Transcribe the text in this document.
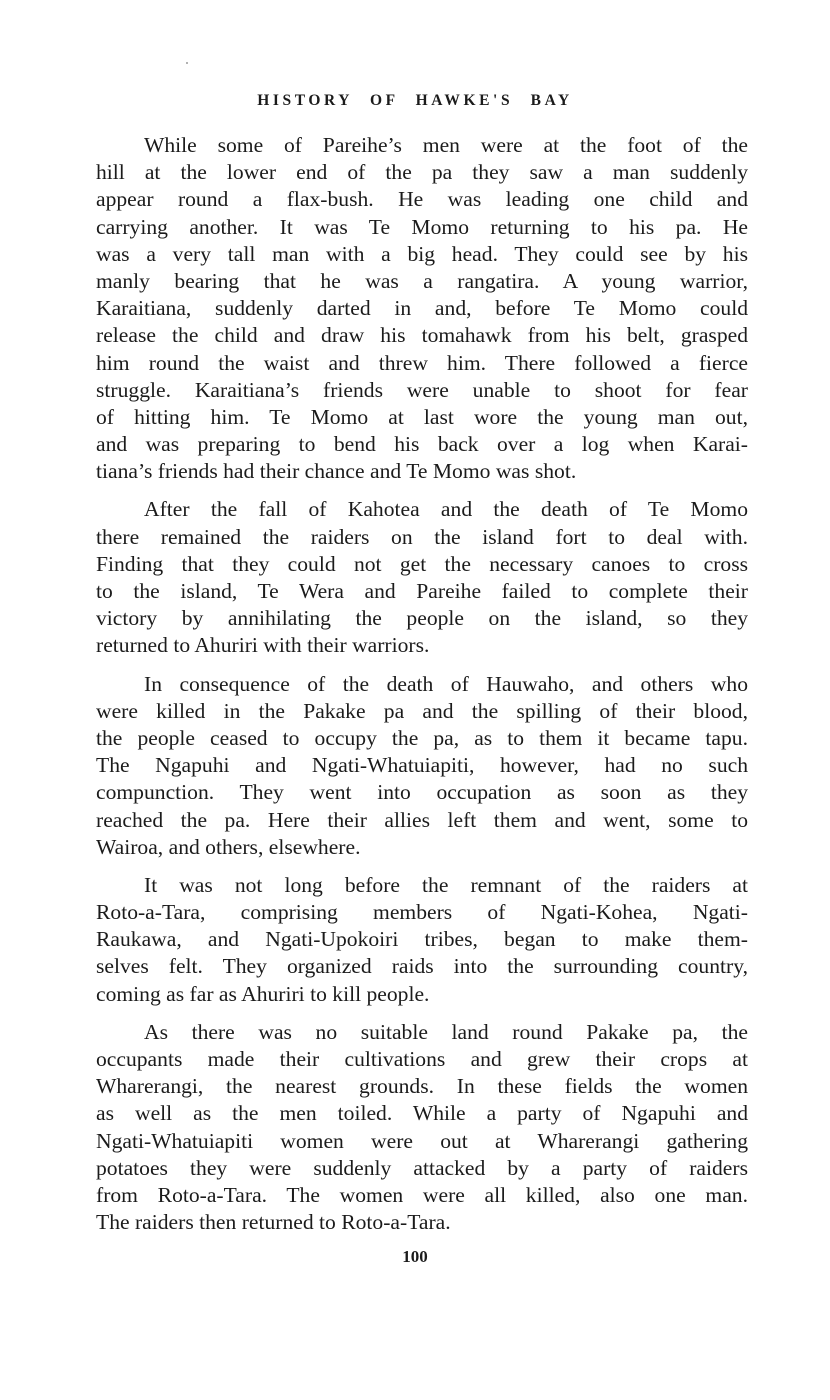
HISTORY OF HAWKE'S BAY
While some of Pareihe’s men were at the foot of the
hill at the lower end of the pa they saw a man suddenly
appear round a flax-bush. He was leading one child and
carrying another. It was Te Momo returning to his pa. He
was a very tall man with a big head. They could see by his
manly bearing that he was a rangatira. A young warrior,
Karaitiana, suddenly darted in and, before Te Momo could
release the child and draw his tomahawk from his belt, grasped
him round the waist and threw him. There followed a fierce
struggle. Karaitiana’s friends were unable to shoot for fear
of hitting him. Te Momo at last wore the young man out,
and was preparing to bend his back over a log when Karai-
tiana’s friends had their chance and Te Momo was shot.
After the fall of Kahotea and the death of Te Momo
there remained the raiders on the island fort to deal with.
Finding that they could not get the necessary canoes to cross
to the island, Te Wera and Pareihe failed to complete their
victory by annihilating the people on the island, so they
returned to Ahuriri with their warriors.
In consequence of the death of Hauwaho, and others who
were killed in the Pakake pa and the spilling of their blood,
the people ceased to occupy the pa, as to them it became tapu.
The Ngapuhi and Ngati-Whatuiapiti, however, had no such
compunction. They went into occupation as soon as they
reached the pa. Here their allies left them and went, some to
Wairoa, and others, elsewhere.
It was not long before the remnant of the raiders at
Roto-a-Tara, comprising members of Ngati-Kohea, Ngati-
Raukawa, and Ngati-Upokoiri tribes, began to make them-
selves felt. They organized raids into the surrounding country,
coming as far as Ahuriri to kill people.
As there was no suitable land round Pakake pa, the
occupants made their cultivations and grew their crops at
Wharerangi, the nearest grounds. In these fields the women
as well as the men toiled. While a party of Ngapuhi and
Ngati-Whatuiapiti women were out at Wharerangi gathering
potatoes they were suddenly attacked by a party of raiders
from Roto-a-Tara. The women were all killed, also one man.
The raiders then returned to Roto-a-Tara.
100
